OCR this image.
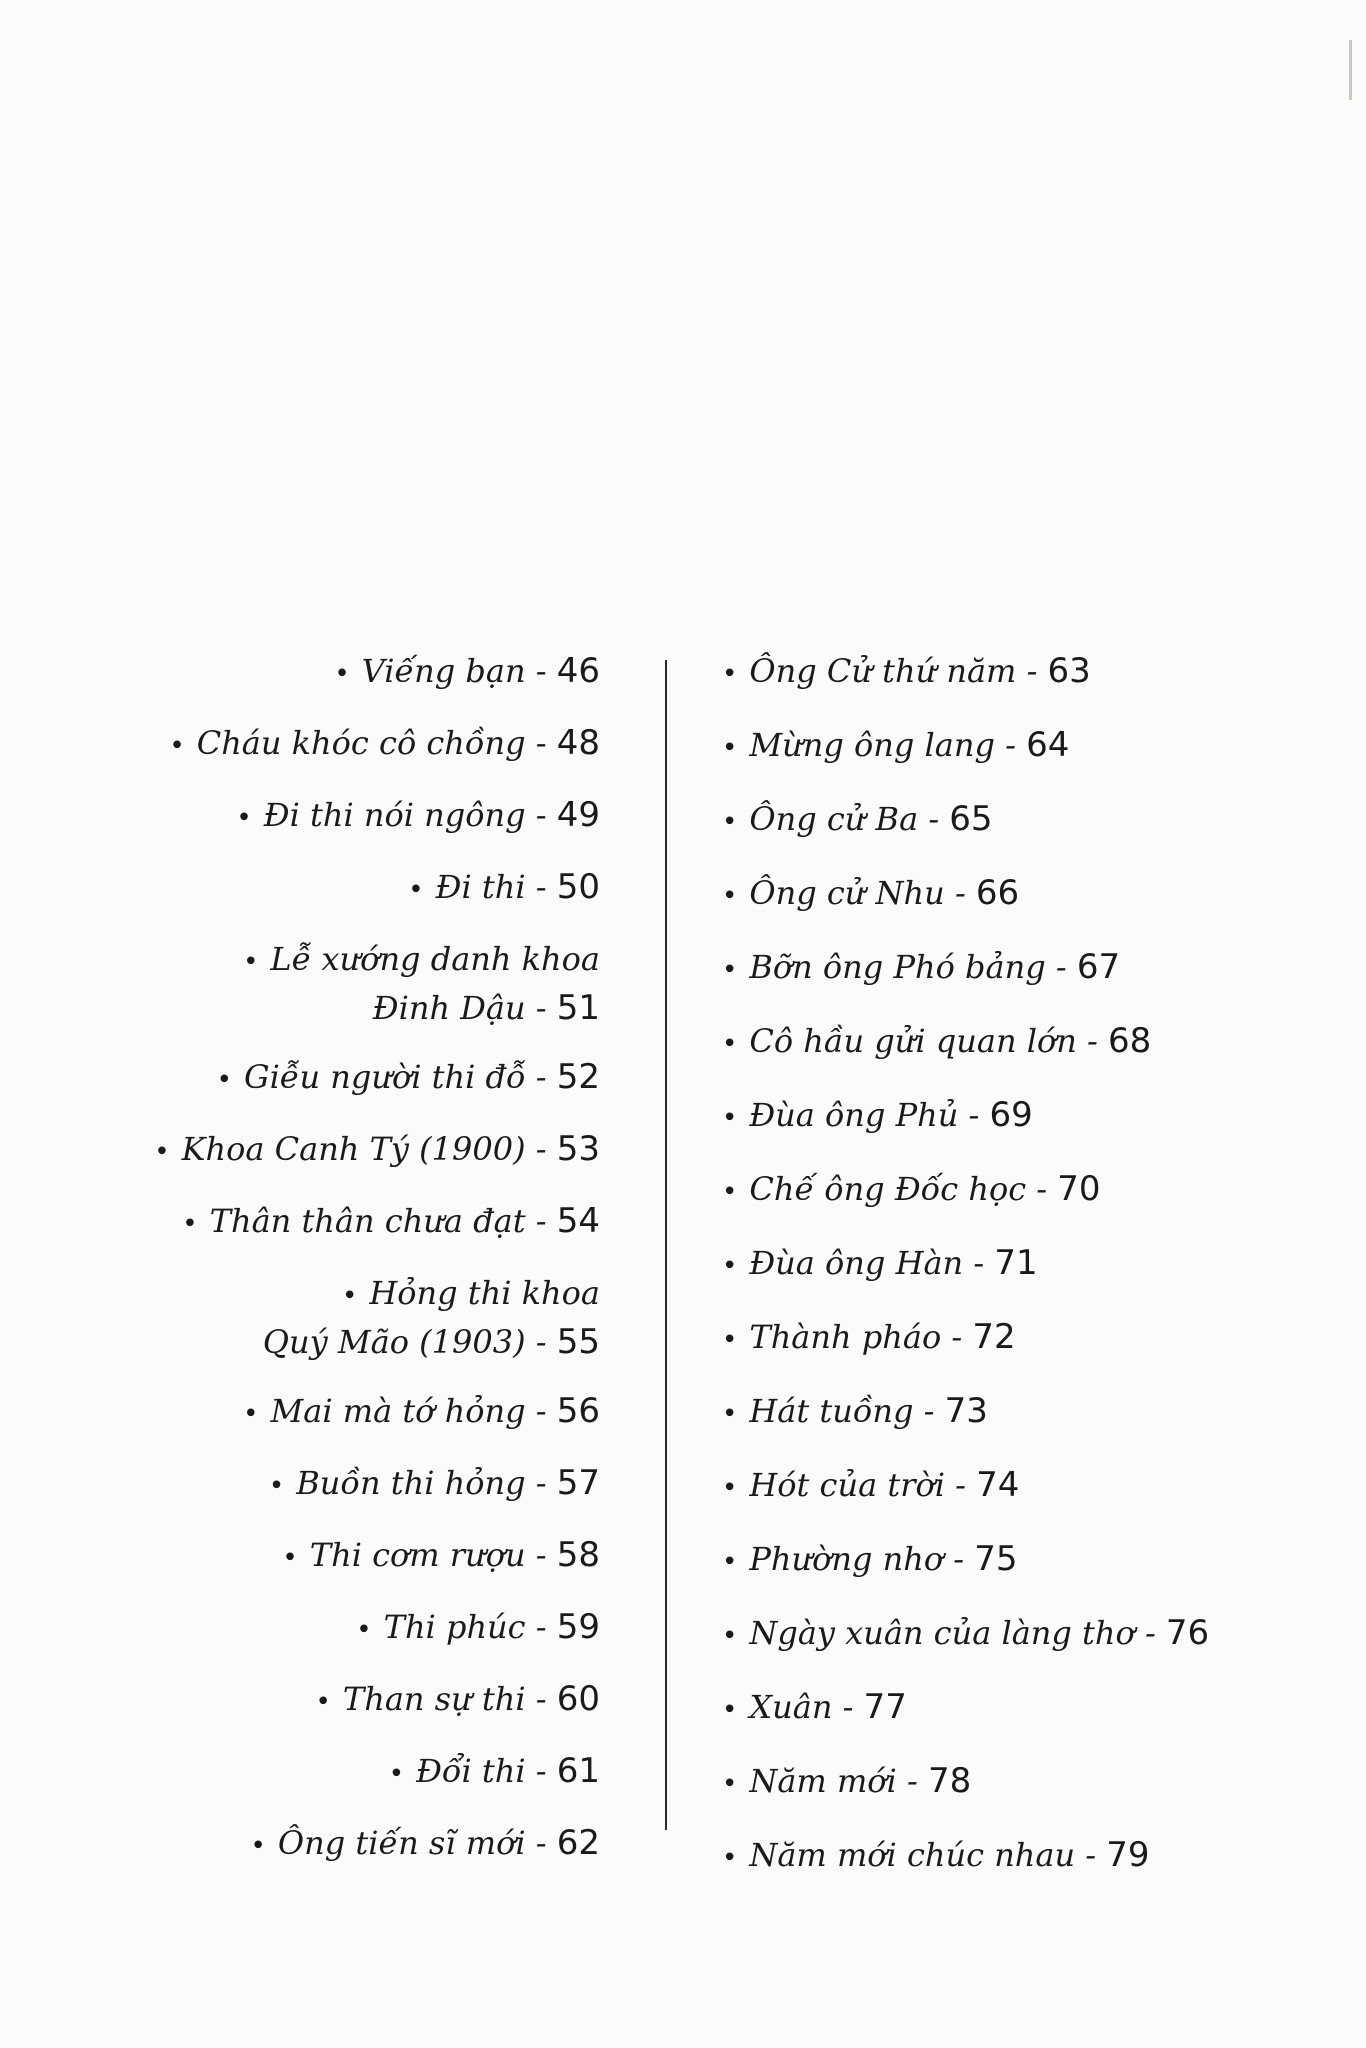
• Viếng bạn - 46
• Cháu khóc cô chồng - 48
• Đi thi nói ngông - 49
• Đi thi - 50
• Lễ xướng danh khoa
Đinh Dậu - 51
• Giễu người thi đỗ - 52
• Khoa Canh Tý (1900) - 53
• Thân thân chưa đạt - 54
• Hỏng thi khoa
Quý Mão (1903) - 55
• Mai mà tớ hỏng - 56
• Buồn thi hỏng - 57
• Thi cơm rượu - 58
• Thi phúc - 59
• Than sự thi - 60
• Đổi thi - 61
• Ông tiến sĩ mới - 62
• Ông Cử thứ năm - 63
• Mừng ông lang - 64
• Ông cử Ba - 65
• Ông cử Nhu - 66
• Bỡn ông Phó bảng - 67
• Cô hầu gửi quan lớn - 68
• Đùa ông Phủ - 69
• Chế ông Đốc học - 70
• Đùa ông Hàn - 71
• Thành pháo - 72
• Hát tuồng - 73
• Hót của trời - 74
• Phường nhơ - 75
• Ngày xuân của làng thơ - 76
• Xuân - 77
• Năm mới - 78
• Năm mới chúc nhau - 79
